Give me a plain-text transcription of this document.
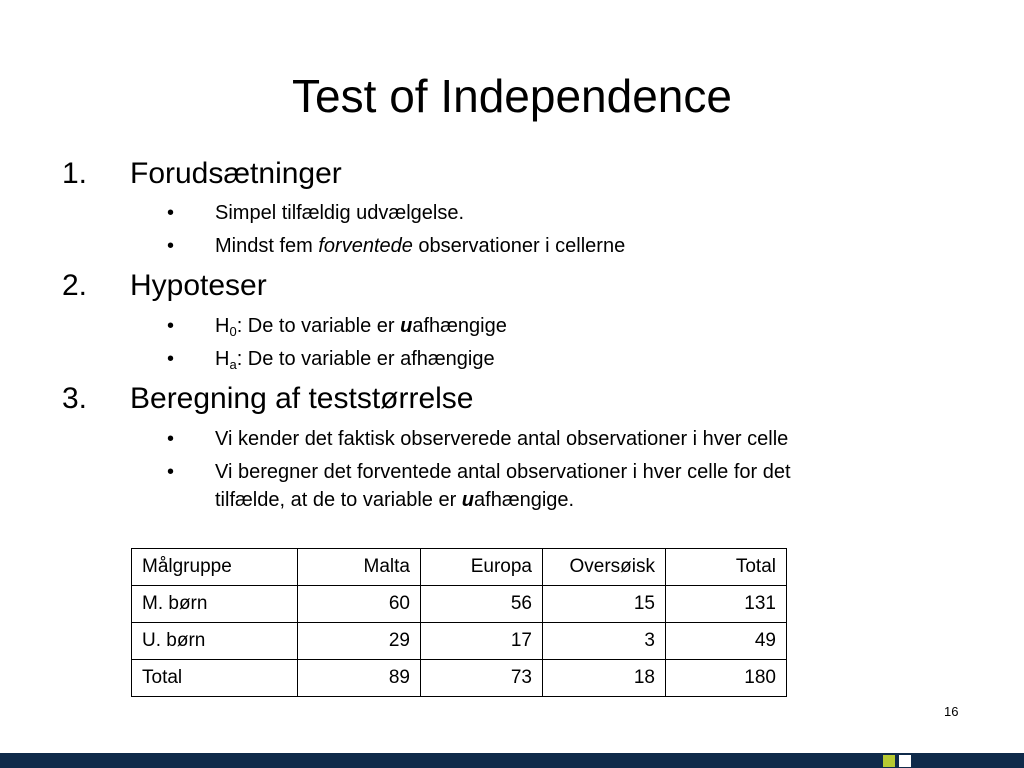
Test of Independence
1. Forudsætninger
• Simpel tilfældig udvælgelse.
• Mindst fem forventede observationer i cellerne
2. Hypoteser
• $H_0$: De to variable er uafhængige
• $H_a$: De to variable er afhængige
3. Beregning af teststørrelse
• Vi kender det faktisk observerede antal observationer i hver celle
• Vi beregner det forventede antal observationer i hver celle for det
tilfælde, at de to variable er uafhængige.
Målgruppe	Malta	Europa	Oversøisk	Total
M. børn	60	56	15	131
U. børn	29	17	3	49
Total	89	73	18	180
16
